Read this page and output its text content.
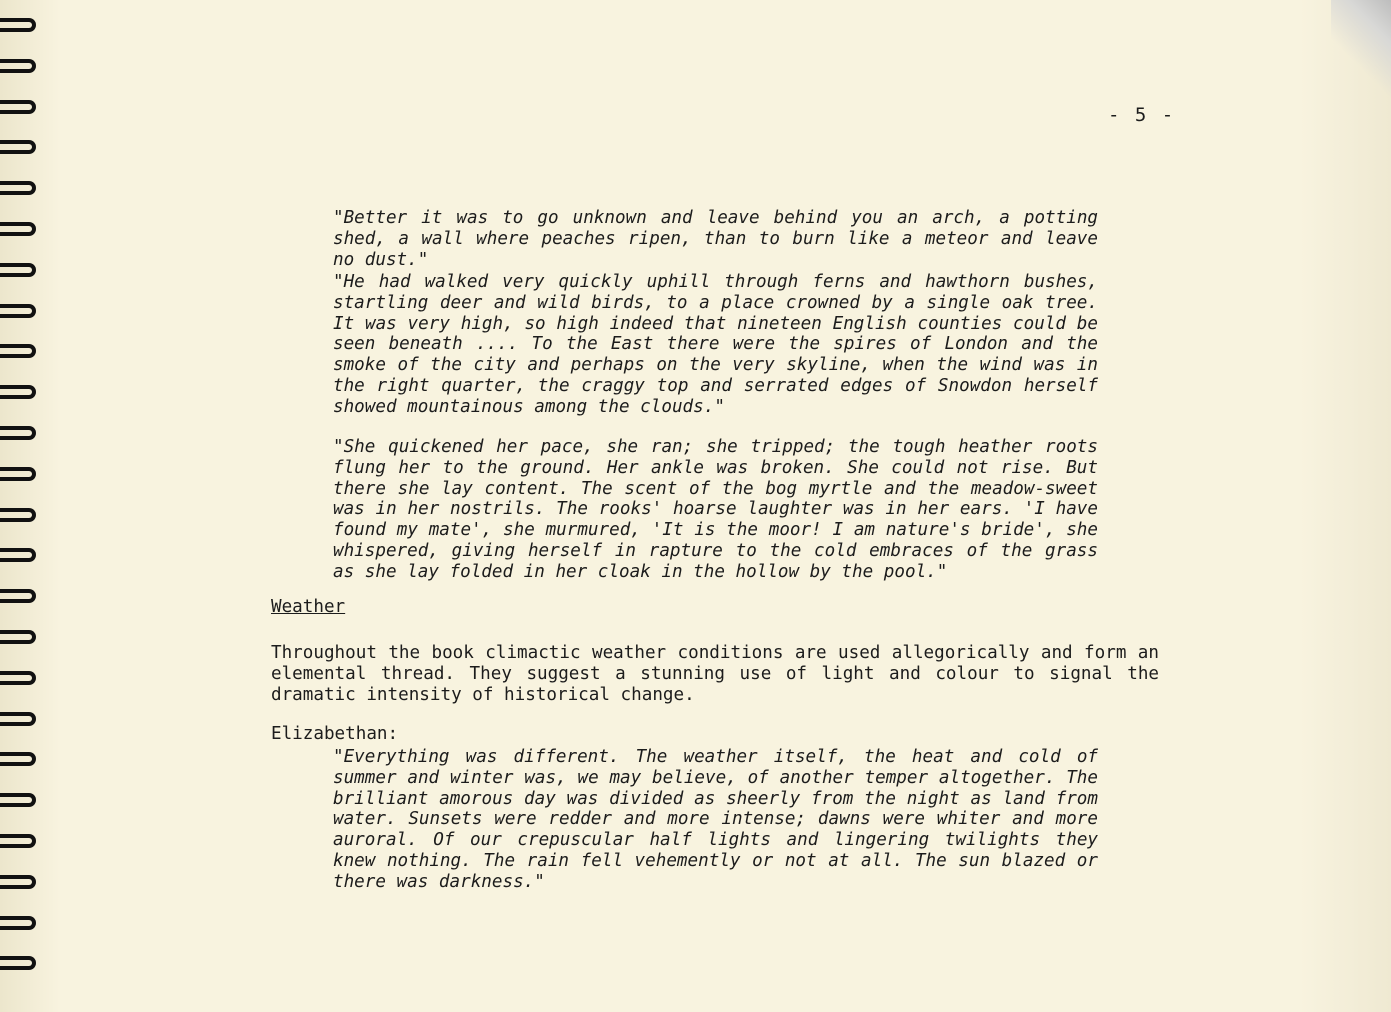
- 5 -

"Better it was to go unknown and leave behind you an arch, a potting shed, a wall where peaches ripen, than to burn like a meteor and leave no dust."

"He had walked very quickly uphill through ferns and hawthorn bushes, startling deer and wild birds, to a place crowned by a single oak tree. It was very high, so high indeed that nineteen English counties could be seen beneath .... To the East there were the spires of London and the smoke of the city and perhaps on the very skyline, when the wind was in the right quarter, the craggy top and serrated edges of Snowdon herself showed mountainous among the clouds."

"She quickened her pace, she ran; she tripped; the tough heather roots flung her to the ground. Her ankle was broken. She could not rise. But there she lay content. The scent of the bog myrtle and the meadow-sweet was in her nostrils. The rooks' hoarse laughter was in her ears. 'I have found my mate', she murmured, 'It is the moor! I am nature's bride', she whispered, giving herself in rapture to the cold embraces of the grass as she lay folded in her cloak in the hollow by the pool."

Weather

Throughout the book climactic weather conditions are used allegorically and form an elemental thread. They suggest a stunning use of light and colour to signal the dramatic intensity of historical change.

Elizabethan:

"Everything was different. The weather itself, the heat and cold of summer and winter was, we may believe, of another temper altogether. The brilliant amorous day was divided as sheerly from the night as land from water. Sunsets were redder and more intense; dawns were whiter and more auroral. Of our crepuscular half lights and lingering twilights they knew nothing. The rain fell vehemently or not at all. The sun blazed or there was darkness."
